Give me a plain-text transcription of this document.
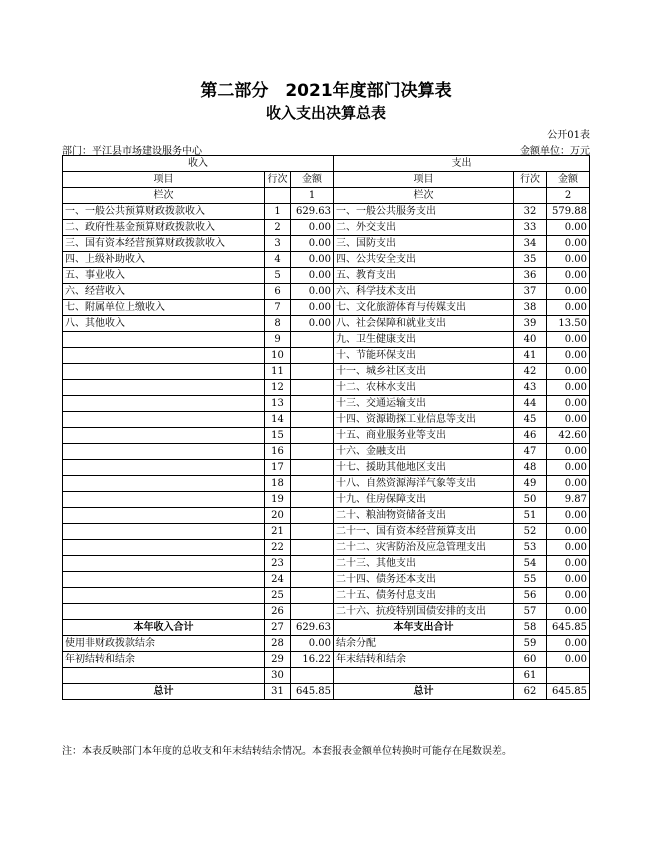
第二部分　2021年度部门决算表
收入支出决算总表
公开01表
部门：平江县市场建设服务中心	金额单位：万元
收入			支出		
项目	行次	金额	项目	行次	金额
栏次		1	栏次		2
一、一般公共预算财政拨款收入	1	629.63	一、一般公共服务支出	32	579.88
二、政府性基金预算财政拨款收入	2	0.00	二、外交支出	33	0.00
三、国有资本经营预算财政拨款收入	3	0.00	三、国防支出	34	0.00
四、上级补助收入	4	0.00	四、公共安全支出	35	0.00
五、事业收入	5	0.00	五、教育支出	36	0.00
六、经营收入	6	0.00	六、科学技术支出	37	0.00
七、附属单位上缴收入	7	0.00	七、文化旅游体育与传媒支出	38	0.00
八、其他收入	8	0.00	八、社会保障和就业支出	39	13.50
	9		九、卫生健康支出	40	0.00
	10		十、节能环保支出	41	0.00
	11		十一、城乡社区支出	42	0.00
	12		十二、农林水支出	43	0.00
	13		十三、交通运输支出	44	0.00
	14		十四、资源勘探工业信息等支出	45	0.00
	15		十五、商业服务业等支出	46	42.60
	16		十六、金融支出	47	0.00
	17		十七、援助其他地区支出	48	0.00
	18		十八、自然资源海洋气象等支出	49	0.00
	19		十九、住房保障支出	50	9.87
	20		二十、粮油物资储备支出	51	0.00
	21		二十一、国有资本经营预算支出	52	0.00
	22		二十二、灾害防治及应急管理支出	53	0.00
	23		二十三、其他支出	54	0.00
	24		二十四、债务还本支出	55	0.00
	25		二十五、债务付息支出	56	0.00
	26		二十六、抗疫特别国债安排的支出	57	0.00
本年收入合计	27	629.63	本年支出合计	58	645.85
使用非财政拨款结余	28	0.00	结余分配	59	0.00
年初结转和结余	29	16.22	年末结转和结余	60	0.00
	30			61	
总计	31	645.85	总计	62	645.85
注：本表反映部门本年度的总收支和年末结转结余情况。本套报表金额单位转换时可能存在尾数误差。
